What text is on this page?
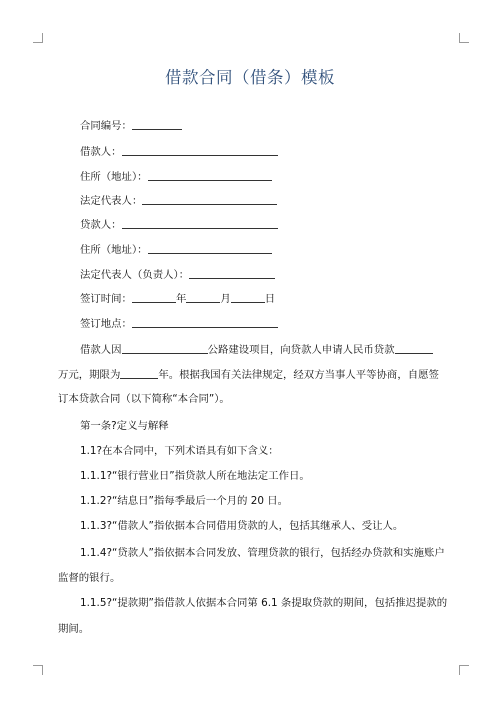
借款合同（借条）模板
合同编号：
借款人：
住所（地址）：
法定代表人：
贷款人：
住所（地址）：
法定代表人（负责人）：
签订时间：	年	月	日
签订地点：
借款人因	公路建设项目，向贷款人申请人民币贷款
万元，期限为	年。根据我国有关法律规定，经双方当事人平等协商，自愿签
订本贷款合同（以下简称“本合同”）。
第一条?定义与解释
1.1?在本合同中，下列术语具有如下含义：
1.1.1?“银行营业日”指贷款人所在地法定工作日。
1.1.2?“结息日”指每季最后一个月的 20 日。
1.1.3?“借款人”指依据本合同借用贷款的人，包括其继承人、受让人。
1.1.4?“贷款人”指依据本合同发放、管理贷款的银行，包括经办贷款和实施账户
监督的银行。
1.1.5?“提款期”指借款人依据本合同第 6.1 条提取贷款的期间，包括推迟提款的
期间。
